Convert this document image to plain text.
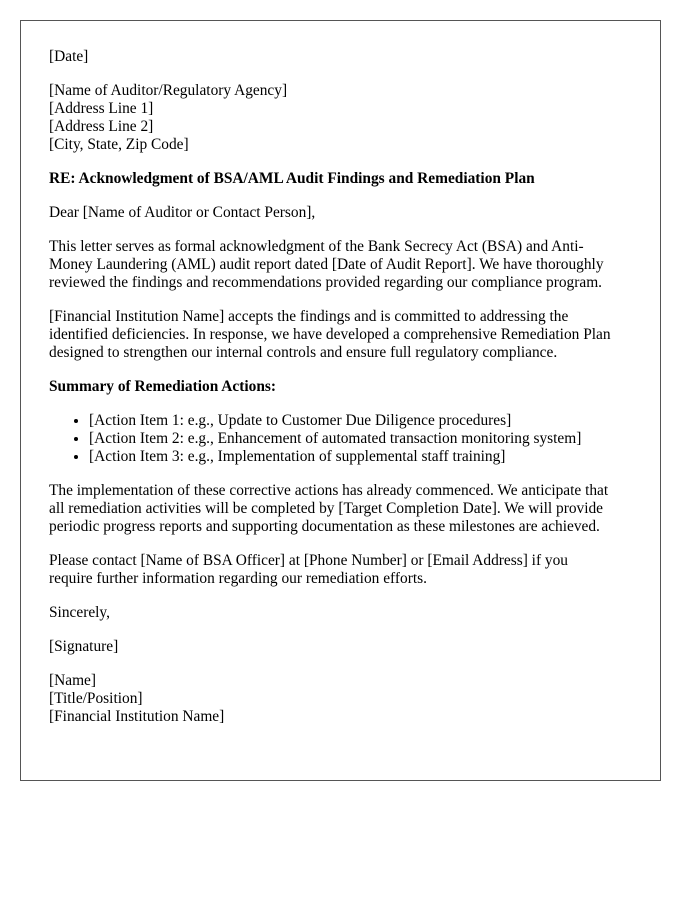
[Date]
[Name of Auditor/Regulatory Agency]
[Address Line 1]
[Address Line 2]
[City, State, Zip Code]
RE: Acknowledgment of BSA/AML Audit Findings and Remediation Plan
Dear [Name of Auditor or Contact Person],
This letter serves as formal acknowledgment of the Bank Secrecy Act (BSA) and Anti-
Money Laundering (AML) audit report dated [Date of Audit Report]. We have thoroughly
reviewed the findings and recommendations provided regarding our compliance program.
[Financial Institution Name] accepts the findings and is committed to addressing the
identified deficiencies. In response, we have developed a comprehensive Remediation Plan
designed to strengthen our internal controls and ensure full regulatory compliance.
Summary of Remediation Actions:
• [Action Item 1: e.g., Update to Customer Due Diligence procedures]
• [Action Item 2: e.g., Enhancement of automated transaction monitoring system]
• [Action Item 3: e.g., Implementation of supplemental staff training]
The implementation of these corrective actions has already commenced. We anticipate that
all remediation activities will be completed by [Target Completion Date]. We will provide
periodic progress reports and supporting documentation as these milestones are achieved.
Please contact [Name of BSA Officer] at [Phone Number] or [Email Address] if you
require further information regarding our remediation efforts.
Sincerely,
[Signature]
[Name]
[Title/Position]
[Financial Institution Name]
